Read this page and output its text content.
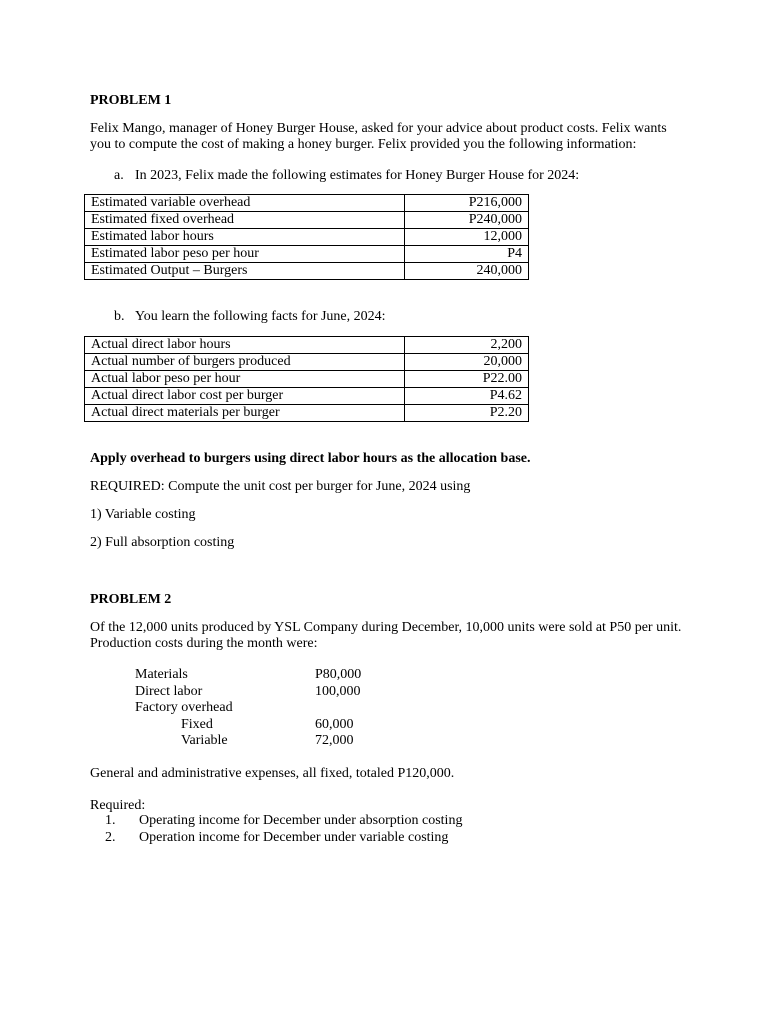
PROBLEM 1
Felix Mango, manager of Honey Burger House, asked for your advice about product costs. Felix wants you to compute the cost of making a honey burger. Felix provided you the following information:
a. In 2023, Felix made the following estimates for Honey Burger House for 2024:
Estimated variable overhead	P216,000
Estimated fixed overhead	P240,000
Estimated labor hours	12,000
Estimated labor peso per hour	P4
Estimated Output – Burgers	240,000
b. You learn the following facts for June, 2024:
Actual direct labor hours	2,200
Actual number of burgers produced	20,000
Actual labor peso per hour	P22.00
Actual direct labor cost per burger	P4.62
Actual direct materials per burger	P2.20
Apply overhead to burgers using direct labor hours as the allocation base.
REQUIRED: Compute the unit cost per burger for June, 2024 using
1) Variable costing
2) Full absorption costing
PROBLEM 2
Of the 12,000 units produced by YSL Company during December, 10,000 units were sold at P50 per unit. Production costs during the month were:
Materials	P80,000
Direct labor	100,000
Factory overhead
Fixed	60,000
Variable	72,000
General and administrative expenses, all fixed, totaled P120,000.
Required:
1. Operating income for December under absorption costing
2. Operation income for December under variable costing
